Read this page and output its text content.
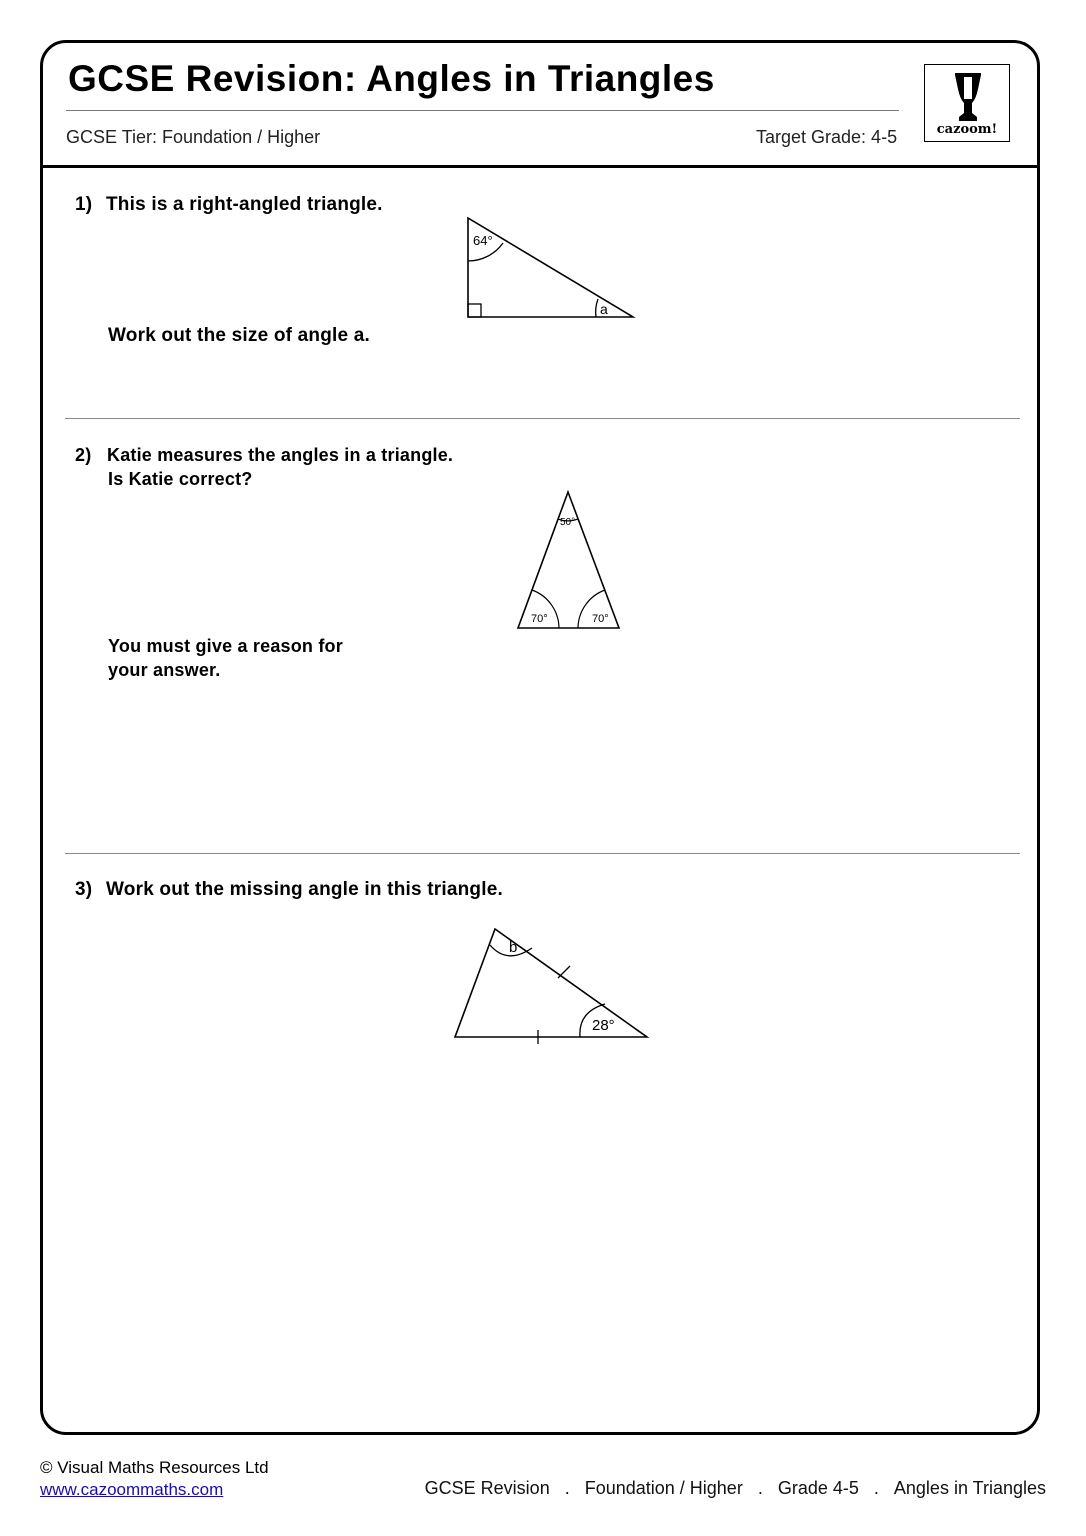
GCSE Revision: Angles in Triangles
GCSE Tier: Foundation / Higher	Target Grade: 4-5	cazoom!
1) This is a right-angled triangle.
Work out the size of angle a.
64°
a
2) Katie measures the angles in a triangle.
Is Katie correct?
You must give a reason for
your answer.
50°
70°	70°
3) Work out the missing angle in this triangle.
b
28°
© Visual Maths Resources Ltd
www.cazoommaths.com	GCSE Revision . Foundation / Higher . Grade 4-5 . Angles in Triangles
